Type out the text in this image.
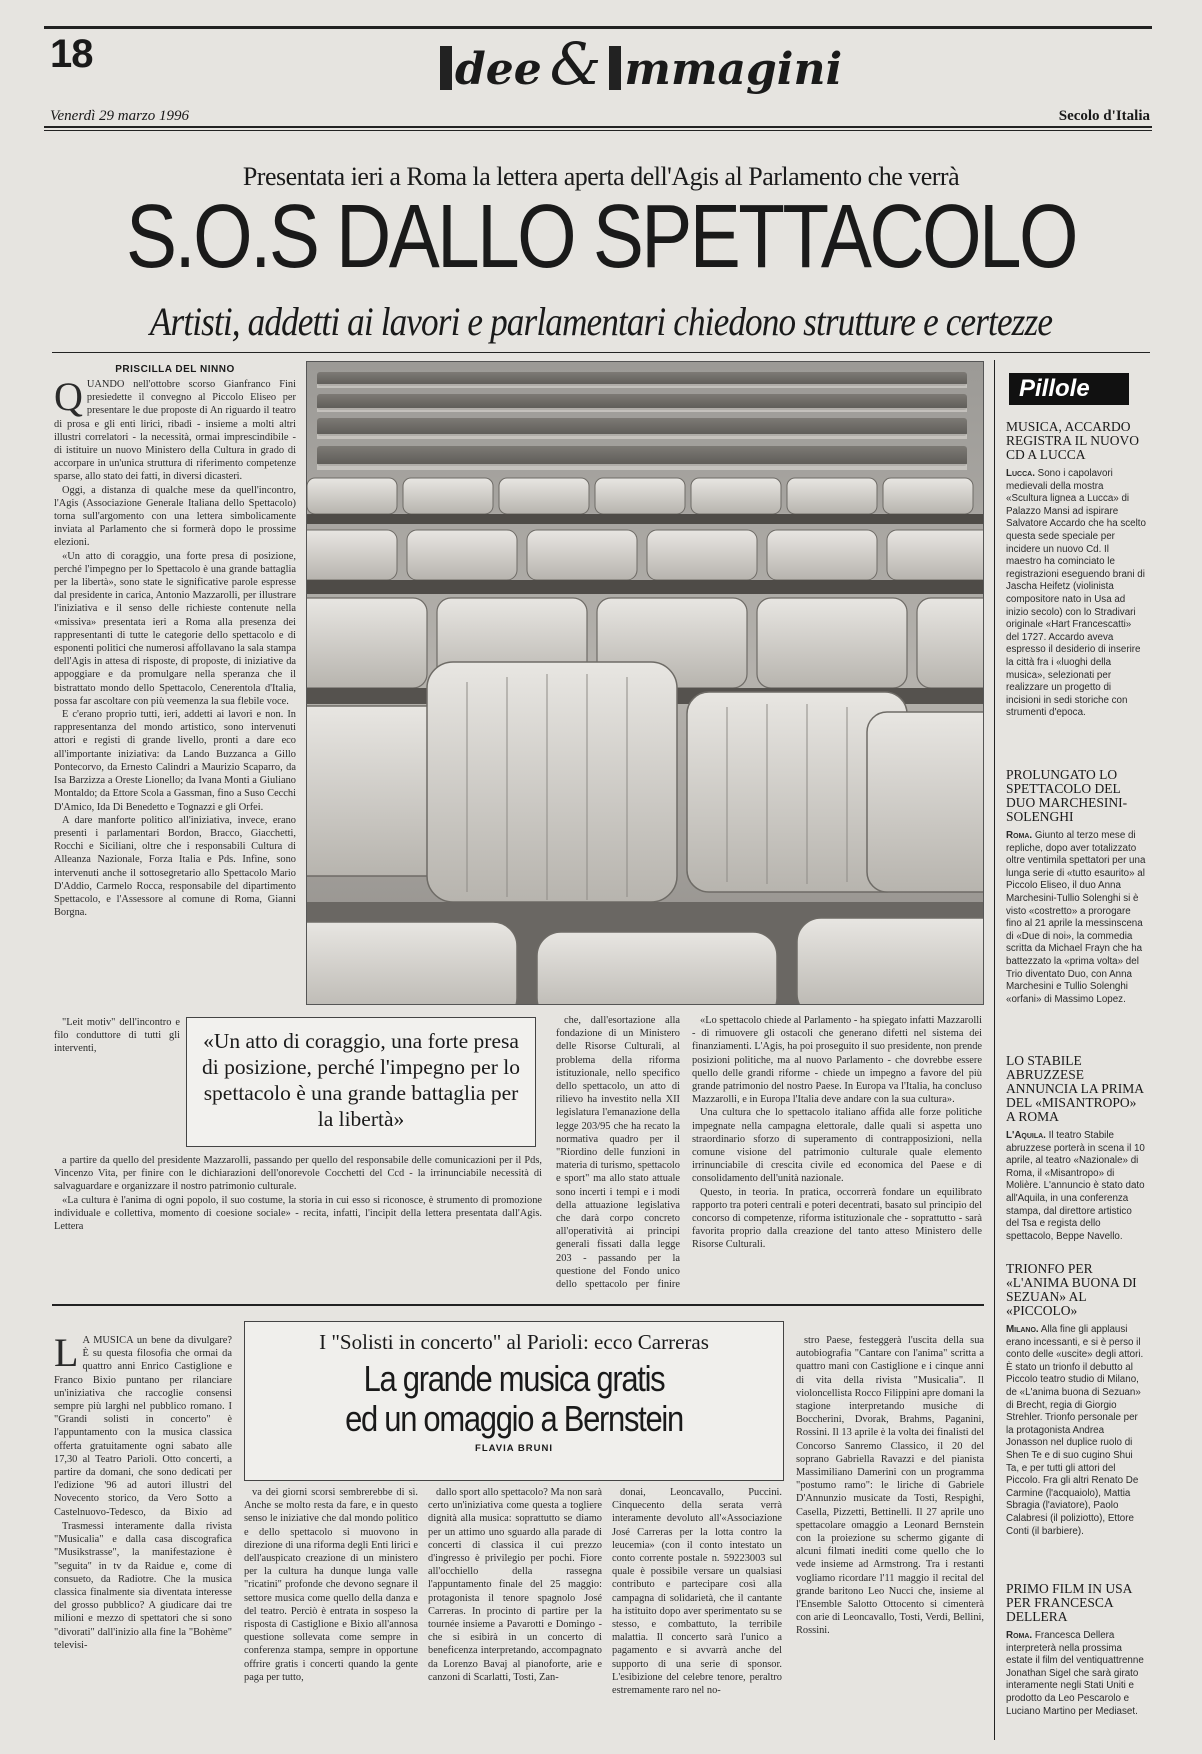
18	dee & mmagini
Venerdì 29 marzo 1996	Secolo d'Italia
Presentata ieri a Roma la lettera aperta dell'Agis al Parlamento che verrà
S.O.S DALLO SPETTACOLO
Artisti, addetti ai lavori e parlamentari chiedono strutture e certezze
PRISCILLA DEL NINNO
Q UANDO nell'ottobre scorso Gianfranco Fini presiedette il convegno al Piccolo Eliseo per presentare le due proposte di An riguardo il teatro di prosa e gli enti lirici, ribadì - insieme a molti altri illustri correlatori - la necessità, ormai imprescindibile - di istituire un nuovo Ministero della Cultura in grado di accorpare in un'unica struttura di riferimento competenze sparse, allo stato dei fatti, in diversi dicasteri.

Oggi, a distanza di qualche mese da quell'incontro, l'Agis (Associazione Generale Italiana dello Spettacolo) torna sull'argomento con una lettera simbolicamente inviata al Parlamento che si formerà dopo le prossime elezioni.

«Un atto di coraggio, una forte presa di posizione, perché l'impegno per lo Spettacolo è una grande battaglia per la libertà», sono state le significative parole espresse dal presidente in carica, Antonio Mazzarolli, per illustrare l'iniziativa e il senso delle richieste contenute nella «missiva» presentata ieri a Roma alla presenza dei rappresentanti di tutte le categorie dello spettacolo e di esponenti politici che numerosi affollavano la sala stampa dell'Agis in attesa di risposte, di proposte, di iniziative da appoggiare e da promulgare nella speranza che il bistrattato mondo dello Spettacolo, Cenerentola d'Italia, possa far ascoltare con più veemenza la sua flebile voce.

E c'erano proprio tutti, ieri, addetti ai lavori e non. In rappresentanza del mondo artistico, sono intervenuti attori e registi di grande livello, pronti a dare eco all'importante iniziativa: da Lando Buzzanca a Gillo Pontecorvo, da Ernesto Calindri a Maurizio Scaparro, da Isa Barzizza a Oreste Lionello; da Ivana Monti a Giuliano Montaldo; da Ettore Scola a Gassman, fino a Suso Cecchi D'Amico, Ida Di Benedetto e Tognazzi e gli Orfei.

A dare manforte politico all'iniziativa, invece, erano presenti i parlamentari Bordon, Bracco, Giacchetti, Rocchi e Siciliani, oltre che i responsabili Cultura di Alleanza Nazionale, Forza Italia e Pds. Infine, sono intervenuti anche il sottosegretario allo Spettacolo Mario D'Addio, Carmelo Rocca, responsabile del dipartimento Spettacolo, e l'Assessore al comune di Roma, Gianni Borgna.

"Leit motiv" dell'incontro e filo conduttore di tutti gli interventi,	«Un atto di coraggio, una forte presa di posizione, perché l'impegno per lo spettacolo è una grande battaglia per la libertà»

a partire da quello del presidente Mazzarolli, passando per quello del responsabile delle comunicazioni per il Pds, Vincenzo Vita, per finire con le dichiarazioni dell'onorevole Cocchetti del Ccd - la irrinunciabile necessità di salvaguardare e organizzare il nostro patrimonio culturale.

«La cultura è l'anima di ogni popolo, il suo costume, la storia in cui esso si riconosce, è strumento di promozione individuale e collettiva, momento di coesione sociale» - recita, infatti, l'incipit della lettera presentata dall'Agis. Lettera

che, dall'esortazione alla fondazione di un Ministero delle Risorse Culturali, al problema della riforma istituzionale, nello specifico dello spettacolo, un atto di rilievo ha investito nella XII legislatura l'emanazione della legge 203/95 che ha recato la normativa quadro per il "Riordino delle funzioni in materia di turismo, spettacolo e sport" ma allo stato attuale sono incerti i tempi e i modi della attuazione legislativa che darà corpo concreto all'operatività ai principi generali fissati dalla legge 203 - passando per la questione del Fondo unico dello spettacolo per finire

«Lo spettacolo chiede al Parlamento - ha spiegato infatti Mazzarolli - di rimuovere gli ostacoli che generano difetti nel sistema dei finanziamenti. L'Agis, ha poi proseguito il suo presidente, non prende posizioni politiche, ma al nuovo Parlamento - che dovrebbe essere quello delle grandi riforme - chiede un impegno a favore del più grande patrimonio del nostro Paese. In Europa va l'Italia, ha concluso Mazzarolli, e in Europa l'Italia deve andare con la sua cultura».

Una cultura che lo spettacolo italiano affida alle forze politiche impegnate nella campagna elettorale, dalle quali si aspetta uno straordinario sforzo di superamento di contrapposizioni, nella comune visione del patrimonio culturale quale elemento irrinunciabile di crescita civile ed economica del Paese e di consolidamento dell'unità nazionale.

Questo, in teoria. In pratica, occorrerà fondare un equilibrato rapporto tra poteri centrali e poteri decentrati, basato sul principio del concorso di competenze, riforma istituzionale che - soprattutto - sarà favorita proprio dalla creazione del tanto atteso Ministero delle Risorse Culturali.

Pillole
MUSICA, ACCARDO REGISTRA IL NUOVO CD A LUCCA
Lucca. Sono i capolavori medievali della mostra «Scultura lignea a Lucca» di Palazzo Mansi ad ispirare Salvatore Accardo che ha scelto questa sede speciale per incidere un nuovo Cd. Il maestro ha cominciato le registrazioni eseguendo brani di Jascha Heifetz (violinista compositore nato in Usa ad inizio secolo) con lo Stradivari originale «Hart Francescatti» del 1727. Accardo aveva espresso il desiderio di inserire la città fra i «luoghi della musica», selezionati per realizzare un progetto di incisioni in sedi storiche con strumenti d'epoca.
PROLUNGATO LO SPETTACOLO DEL DUO MARCHESINI-SOLENGHI
Roma. Giunto al terzo mese di repliche, dopo aver totalizzato oltre ventimila spettatori per una lunga serie di «tutto esaurito» al Piccolo Eliseo, il duo Anna Marchesini-Tullio Solenghi si è visto «costretto» a prorogare fino al 21 aprile la messinscena di «Due di noi», la commedia scritta da Michael Frayn che ha battezzato la «prima volta» del Trio diventato Duo, con Anna Marchesini e Tullio Solenghi «orfani» di Massimo Lopez.
LO STABILE ABRUZZESE ANNUNCIA LA PRIMA DEL «MISANTROPO» A ROMA
L'Aquila. Il teatro Stabile abruzzese porterà in scena il 10 aprile, al teatro «Nazionale» di Roma, il «Misantropo» di Molière. L'annuncio è stato dato all'Aquila, in una conferenza stampa, dal direttore artistico del Tsa e regista dello spettacolo, Beppe Navello.
TRIONFO PER «L'ANIMA BUONA DI SEZUAN» AL «PICCOLO»
Milano. Alla fine gli applausi erano incessanti, e si è perso il conto delle «uscite» degli attori. È stato un trionfo il debutto al Piccolo teatro studio di Milano, de «L'anima buona di Sezuan» di Brecht, regia di Giorgio Strehler. Trionfo personale per la protagonista Andrea Jonasson nel duplice ruolo di Shen Te e di suo cugino Shui Ta, e per tutti gli attori del Piccolo. Fra gli altri Renato De Carmine (l'acquaiolo), Mattia Sbragia (l'aviatore), Paolo Calabresi (il poliziotto), Ettore Conti (il barbiere).
PRIMO FILM IN USA PER FRANCESCA DELLERA
Roma. Francesca Dellera interpreterà nella prossima estate il film del ventiquattrenne Jonathan Sigel che sarà girato interamente negli Stati Uniti e prodotto da Leo Pescarolo e Luciano Martino per Mediaset.
I "Solisti in concerto" al Parioli: ecco Carreras
La grande musica gratis
ed un omaggio a Bernstein
FLAVIA BRUNI
L A MUSICA un bene da divulgare? È su questa filosofia che ormai da quattro anni Enrico Castiglione e Franco Bixio puntano per rilanciare un'iniziativa che raccoglie consensi sempre più larghi nel pubblico romano. I "Grandi solisti in concerto" è l'appuntamento con la musica classica offerta gratuitamente ogni sabato alle 17,30 al Teatro Parioli. Otto concerti, a partire da domani, che sono dedicati per l'edizione '96 ad autori illustri del Novecento storico, da Vero Sotto a Castelnuovo-Tedesco, da Bixio ad

Trasmessi interamente dalla rivista "Musicalia" e dalla casa discografica "Musikstrasse", la manifestazione è "seguita" in tv da Raidue e, come di consueto, da Radiotre. Che la musica classica finalmente sia diventata interesse del grosso pubblico? A giudicare dai tre milioni e mezzo di spettatori che si sono "divorati" dall'inizio alla fine la "Bohème" televisi-

va dei giorni scorsi sembrerebbe di sì. Anche se molto resta da fare, e in questo senso le iniziative che dal mondo politico e dello spettacolo si muovono in direzione di una riforma degli Enti lirici e dell'auspicato creazione di un ministero per la cultura ha dunque lunga valle "ricatini" profonde che devono segnare il settore musica come quello della danza e del teatro. Perciò è entrata in sospeso la risposta di Castiglione e Bixio all'annosa questione sollevata come sempre in conferenza stampa, sempre in opportune offrire gratis i concerti quando la gente paga per tutto,

dallo sport allo spettacolo? Ma non sarà certo un'iniziativa come questa a togliere dignità alla musica: soprattutto se diamo per un attimo uno sguardo alla parade di concerti di classica il cui prezzo d'ingresso è privilegio per pochi. Fiore all'occhiello della rassegna l'appuntamento finale del 25 maggio: protagonista il tenore spagnolo José Carreras. In procinto di partire per la tournée insieme a Pavarotti e Domingo - che si esibirà in un concerto di beneficenza interpretando, accompagnato da Lorenzo Bavaj al pianoforte, arie e canzoni di Scarlatti, Tosti, Zan-

donai, Leoncavallo, Puccini. Cinquecento della serata verrà interamente devoluto all'«Associazione José Carreras per la lotta contro la leucemia» (con il conto intestato un conto corrente postale n. 59223003 sul quale è possibile versare un qualsiasi contributo e partecipare così alla campagna di solidarietà, che il cantante ha istituito dopo aver sperimentato su se stesso, e combattuto, la terribile malattia. Il concerto sarà l'unico a pagamento e si avvarrà anche del supporto di una serie di sponsor. L'esibizione del celebre tenore, peraltro estremamente raro nel no-

stro Paese, festeggerà l'uscita della sua autobiografia "Cantare con l'anima" scritta a quattro mani con Castiglione e i cinque anni di vita della rivista "Musicalia". Il violoncellista Rocco Filippini apre domani la stagione interpretando musiche di Boccherini, Dvorak, Brahms, Paganini, Rossini. Il 13 aprile è la volta dei finalisti del Concorso Sanremo Classico, il 20 del soprano Gabriella Ravazzi e del pianista Massimiliano Damerini con un programma "postumo ramo": le liriche di Gabriele D'Annunzio musicate da Tosti, Respighi, Casella, Pizzetti, Bettinelli. Il 27 aprile uno spettacolare omaggio a Leonard Bernstein con la proiezione su schermo gigante di alcuni filmati inediti come quello che lo vede insieme ad Armstrong. Tra i restanti vogliamo ricordare l'11 maggio il recital del grande baritono Leo Nucci che, insieme al l'Ensemble Salotto Ottocento si cimenterà con arie di Leoncavallo, Tosti, Verdi, Bellini, Rossini.
